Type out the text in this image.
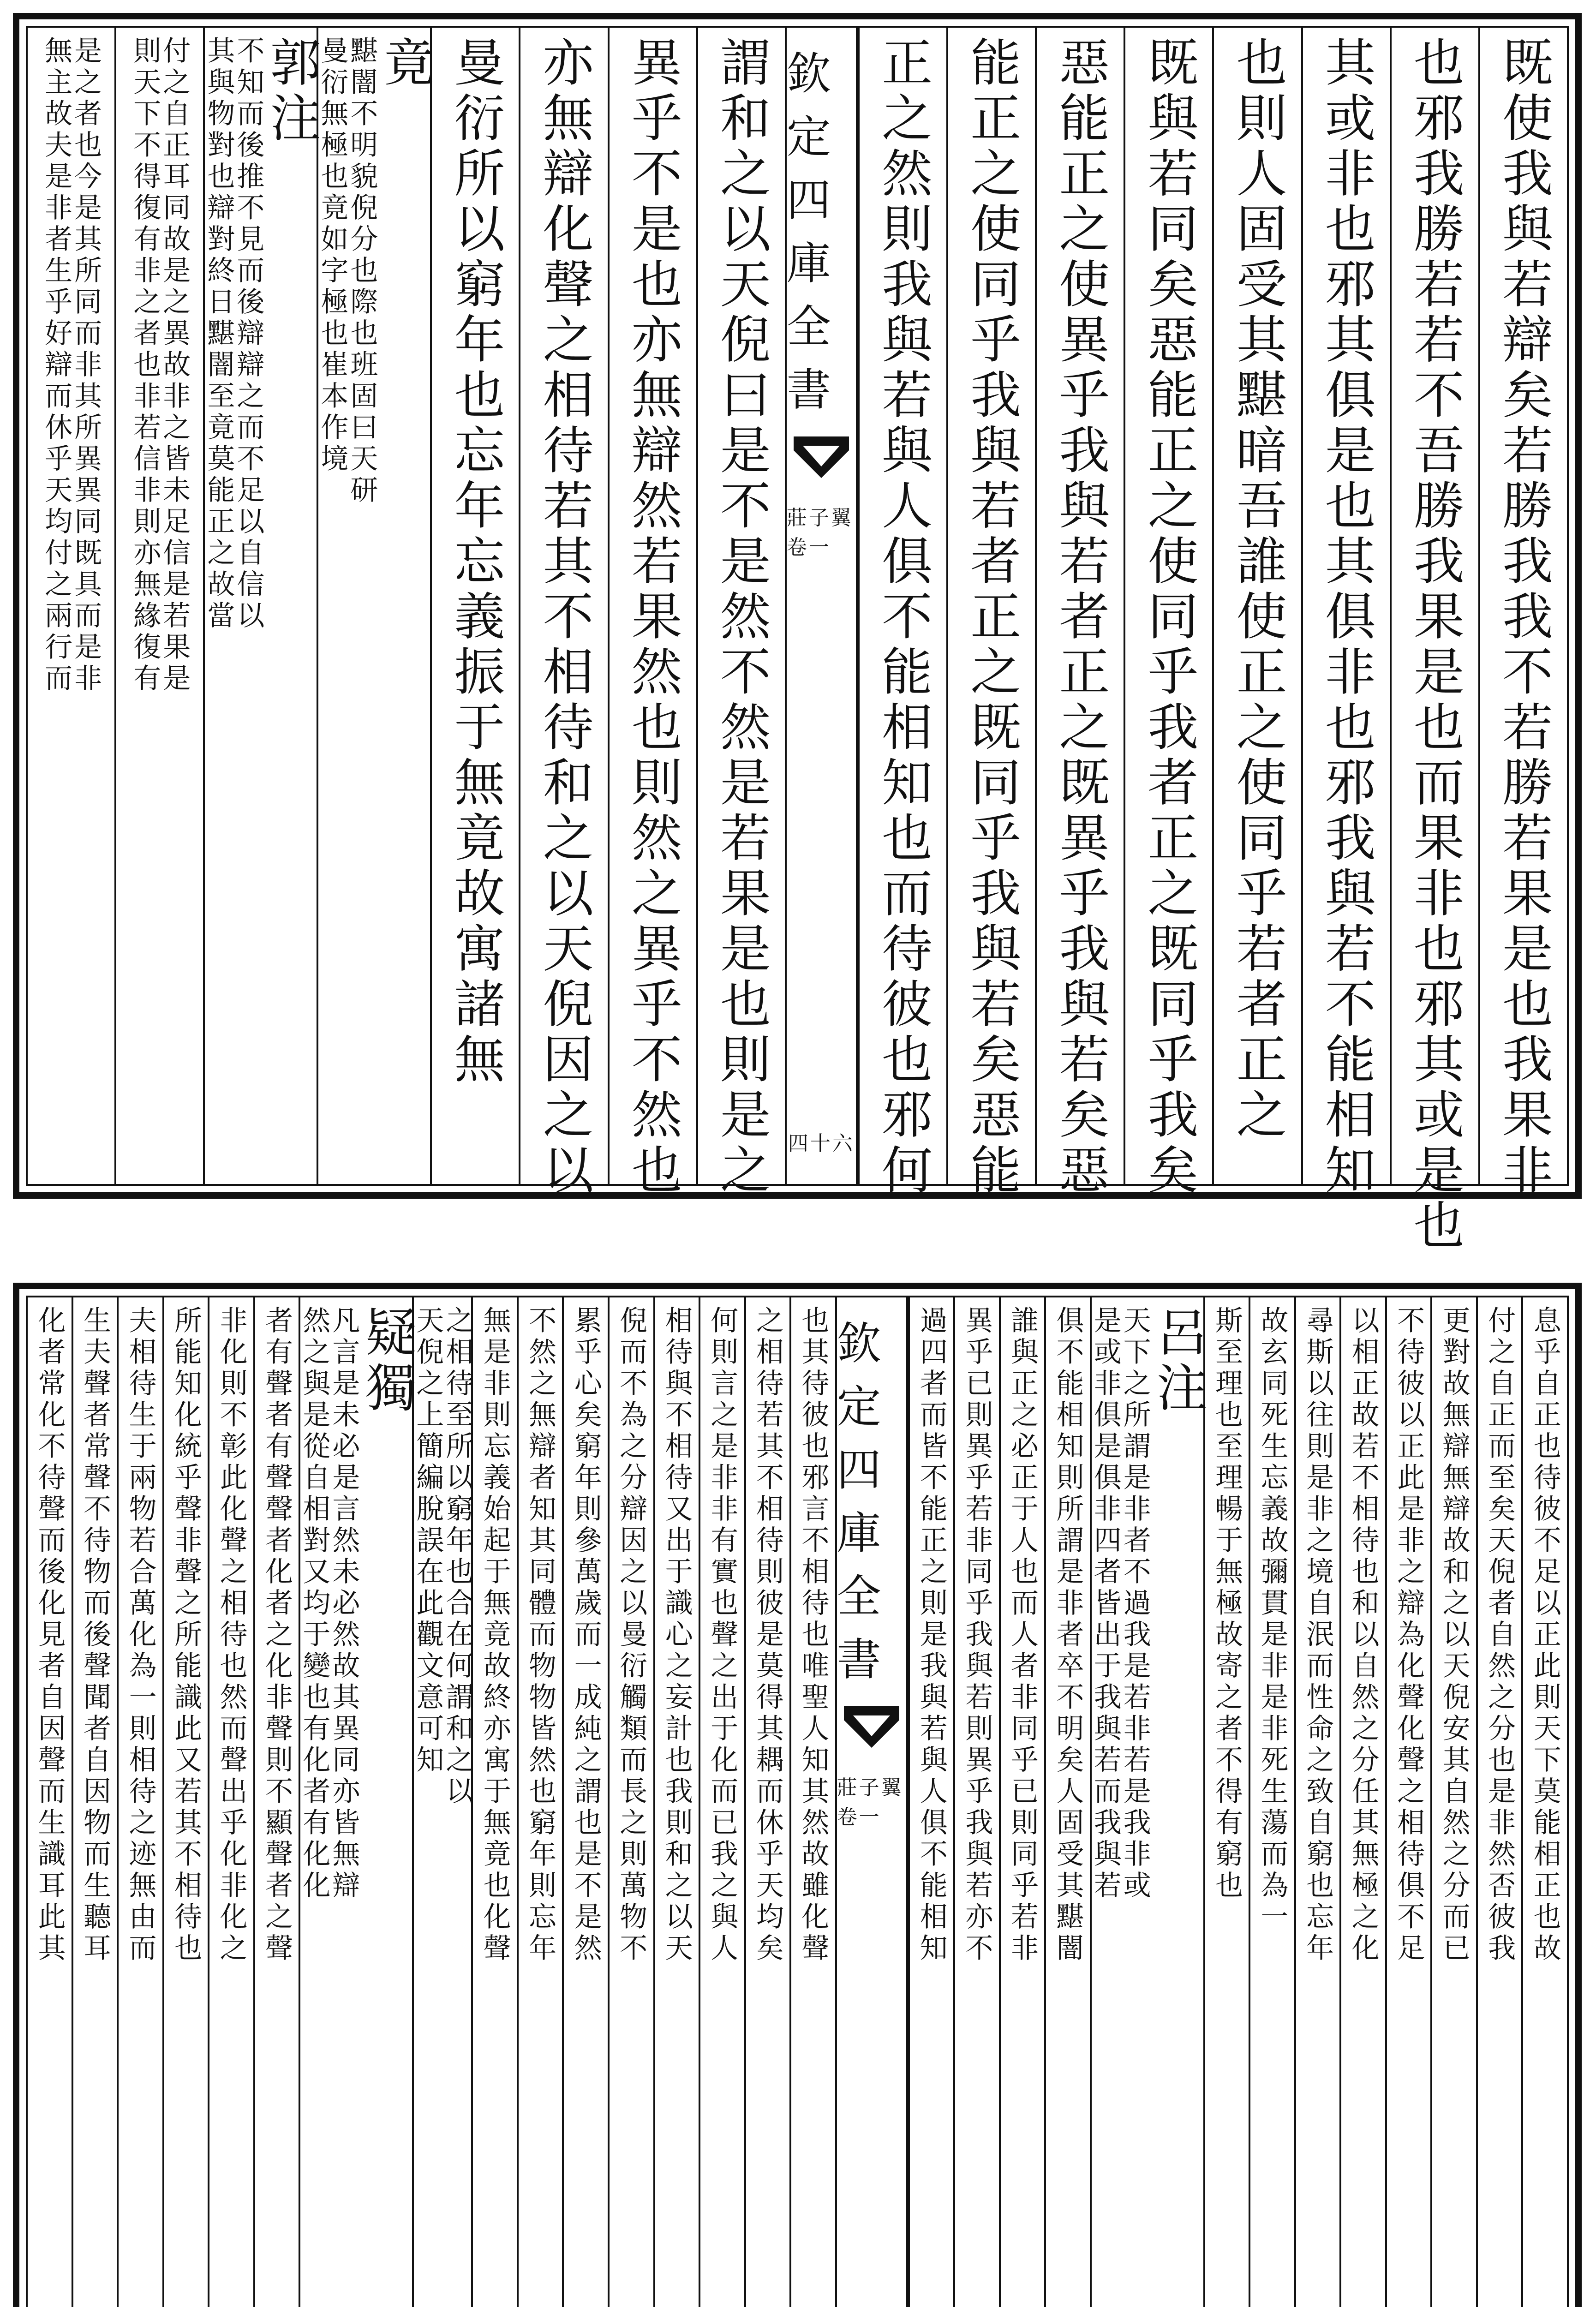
既使我與若辯矣若勝我我不若勝若果是也我果非
也邪我勝若若不吾勝我果是也而果非也邪其或是也
其或非也邪其俱是也其俱非也邪我與若不能相知
也則人固受其黮暗吾誰使正之使同乎若者正之
既與若同矣惡能正之使同乎我者正之既同乎我矣
惡能正之使異乎我與若者正之既異乎我與若矣惡
能正之使同乎我與若者正之既同乎我與若矣惡能
正之然則我與若與人俱不能相知也而待彼也邪何
欽定四庫全書
莊子翼 卷一
四十六
謂和之以天倪曰是不是然不然是若果是也則是之
異乎不是也亦無辯然若果然也則然之異乎不然也
亦無辯化聲之相待若其不相待和之以天倪因之以
曼衍所以窮年也忘年忘義振于無竟故寓諸無
竟
黮闇不明貌倪分也際也班固曰天研
曼衍無極也竟如字極也崔本作境
郭注
不知而後推不見而後辯辯之而不足以自信以
其與物對也辯對終日黮闇至竟莫能正之故當
付之自正耳同故是之異故非之皆未足信是若果是
則天下不得復有非之者也非若信非則亦無緣復有
是之者也今是其所同而非其所異異同既具而是非
無主故夫是非者生乎好辯而休乎天均付之兩行而
息乎自正也待彼不足以正此則天下莫能相正也故
付之自正而至矣天倪者自然之分也是非然否彼我
更對故無辯無辯故和之以天倪安其自然之分而已
不待彼以正此是非之辯為化聲化聲之相待俱不足
以相正故若不相待也和以自然之分任其無極之化
尋斯以往則是非之境自泯而性命之致自窮也忘年
故玄同死生忘義故彌貫是非是非死生蕩而為一
斯至理也至理暢于無極故寄之者不得有窮也
呂注
天下之所謂是非者不過我是若非若是我非或
是或非俱是俱非四者皆出于我與若而我與若
俱不能相知則所謂是非者卒不明矣人固受其黮闇
誰與正之必正于人也而人者非同乎已則同乎若非
異乎已則異乎若非同乎我與若則異乎我與若亦不
過四者而皆不能正之則是我與若與人俱不能相知
欽定四庫全書
莊子翼 卷一
也其待彼也邪言不相待也唯聖人知其然故雖化聲
之相待若其不相待則彼是莫得其耦而休乎天均矣
何則言之是非非有實也聲之出于化而已我之與人
相待與不相待又出于識心之妄計也我則和之以天
倪而不為之分辯因之以曼衍觸類而長之則萬物不
累乎心矣窮年則參萬歲而一成純之謂也是不是然
不然之無辯者知其同體而物物皆然也窮年則忘年
無是非則忘義始起于無竟故終亦寓于無竟也化聲
之相待至所以窮年也合在何謂和之以
天倪之上簡編脫誤在此觀文意可知
疑獨
凡言是未必是言然未必然故其異同亦皆無辯
然之與是從自相對又均于變也有化者有化化
者有聲者有聲聲者化者之化非聲則不顯聲者之聲
非化則不彰此化聲之相待也然而聲出乎化非化之
所能知化統乎聲非聲之所能識此又若其不相待也
夫相待生于兩物若合萬化為一則相待之迹無由而
生夫聲者常聲不待物而後聲聞者自因物而生聽耳
化者常化不待聲而後化見者自因聲而生識耳此其
